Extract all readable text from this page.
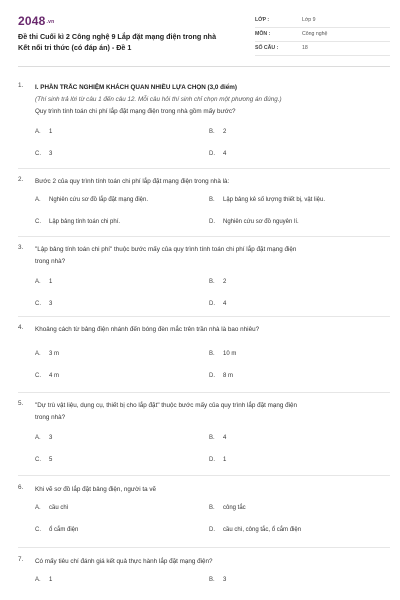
2048.vn
Đề thi Cuối kì 2 Công nghệ 9 Lắp đặt mạng điện trong nhà
Kết nối tri thức (có đáp án) - Đề 1
LỚP :	Lớp 9
MÔN :	Công nghệ
SỐ CÂU :	18
1. I. PHẦN TRẮC NGHIỆM KHÁCH QUAN NHIỀU LỰA CHỌN (3,0 điểm)
(Thí sinh trả lời từ câu 1 đến câu 12. Mỗi câu hỏi thí sinh chỉ chọn một phương án đúng.)
Quy trình tính toán chi phí lắp đặt mạng điện trong nhà gồm mấy bước?
A. 1	B. 2
C. 3	D. 4
2. Bước 2 của quy trình tính toán chi phí lắp đặt mạng điện trong nhà là:
A. Nghiên cứu sơ đồ lắp đặt mạng điện.	B. Lập bảng kê số lượng thiết bị, vật liệu.
C. Lập bảng tính toán chi phí.	D. Nghiên cứu sơ đồ nguyên lí.
3. "Lập bảng tính toán chi phí" thuộc bước mấy của quy trình tính toán chi phí lắp đặt mạng điện
trong nhà?
A. 1	B. 2
C. 3	D. 4
4. Khoảng cách từ bảng điện nhánh đến bóng đèn mắc trên trần nhà là bao nhiêu?
A. 3 m	B. 10 m
C. 4 m	D. 8 m
5. "Dự trù vật liệu, dụng cụ, thiết bị cho lắp đặt" thuộc bước mấy của quy trình lắp đặt mạng điện
trong nhà?
A. 3	B. 4
C. 5	D. 1
6. Khi vẽ sơ đồ lắp đặt bảng điện, người ta vẽ
A. cầu chì	B. công tắc
C. ổ cắm điện	D. cầu chì, công tắc, ổ cắm điện
7. Có mấy tiêu chí đánh giá kết quả thực hành lắp đặt mạng điện?
A. 1	B. 3
